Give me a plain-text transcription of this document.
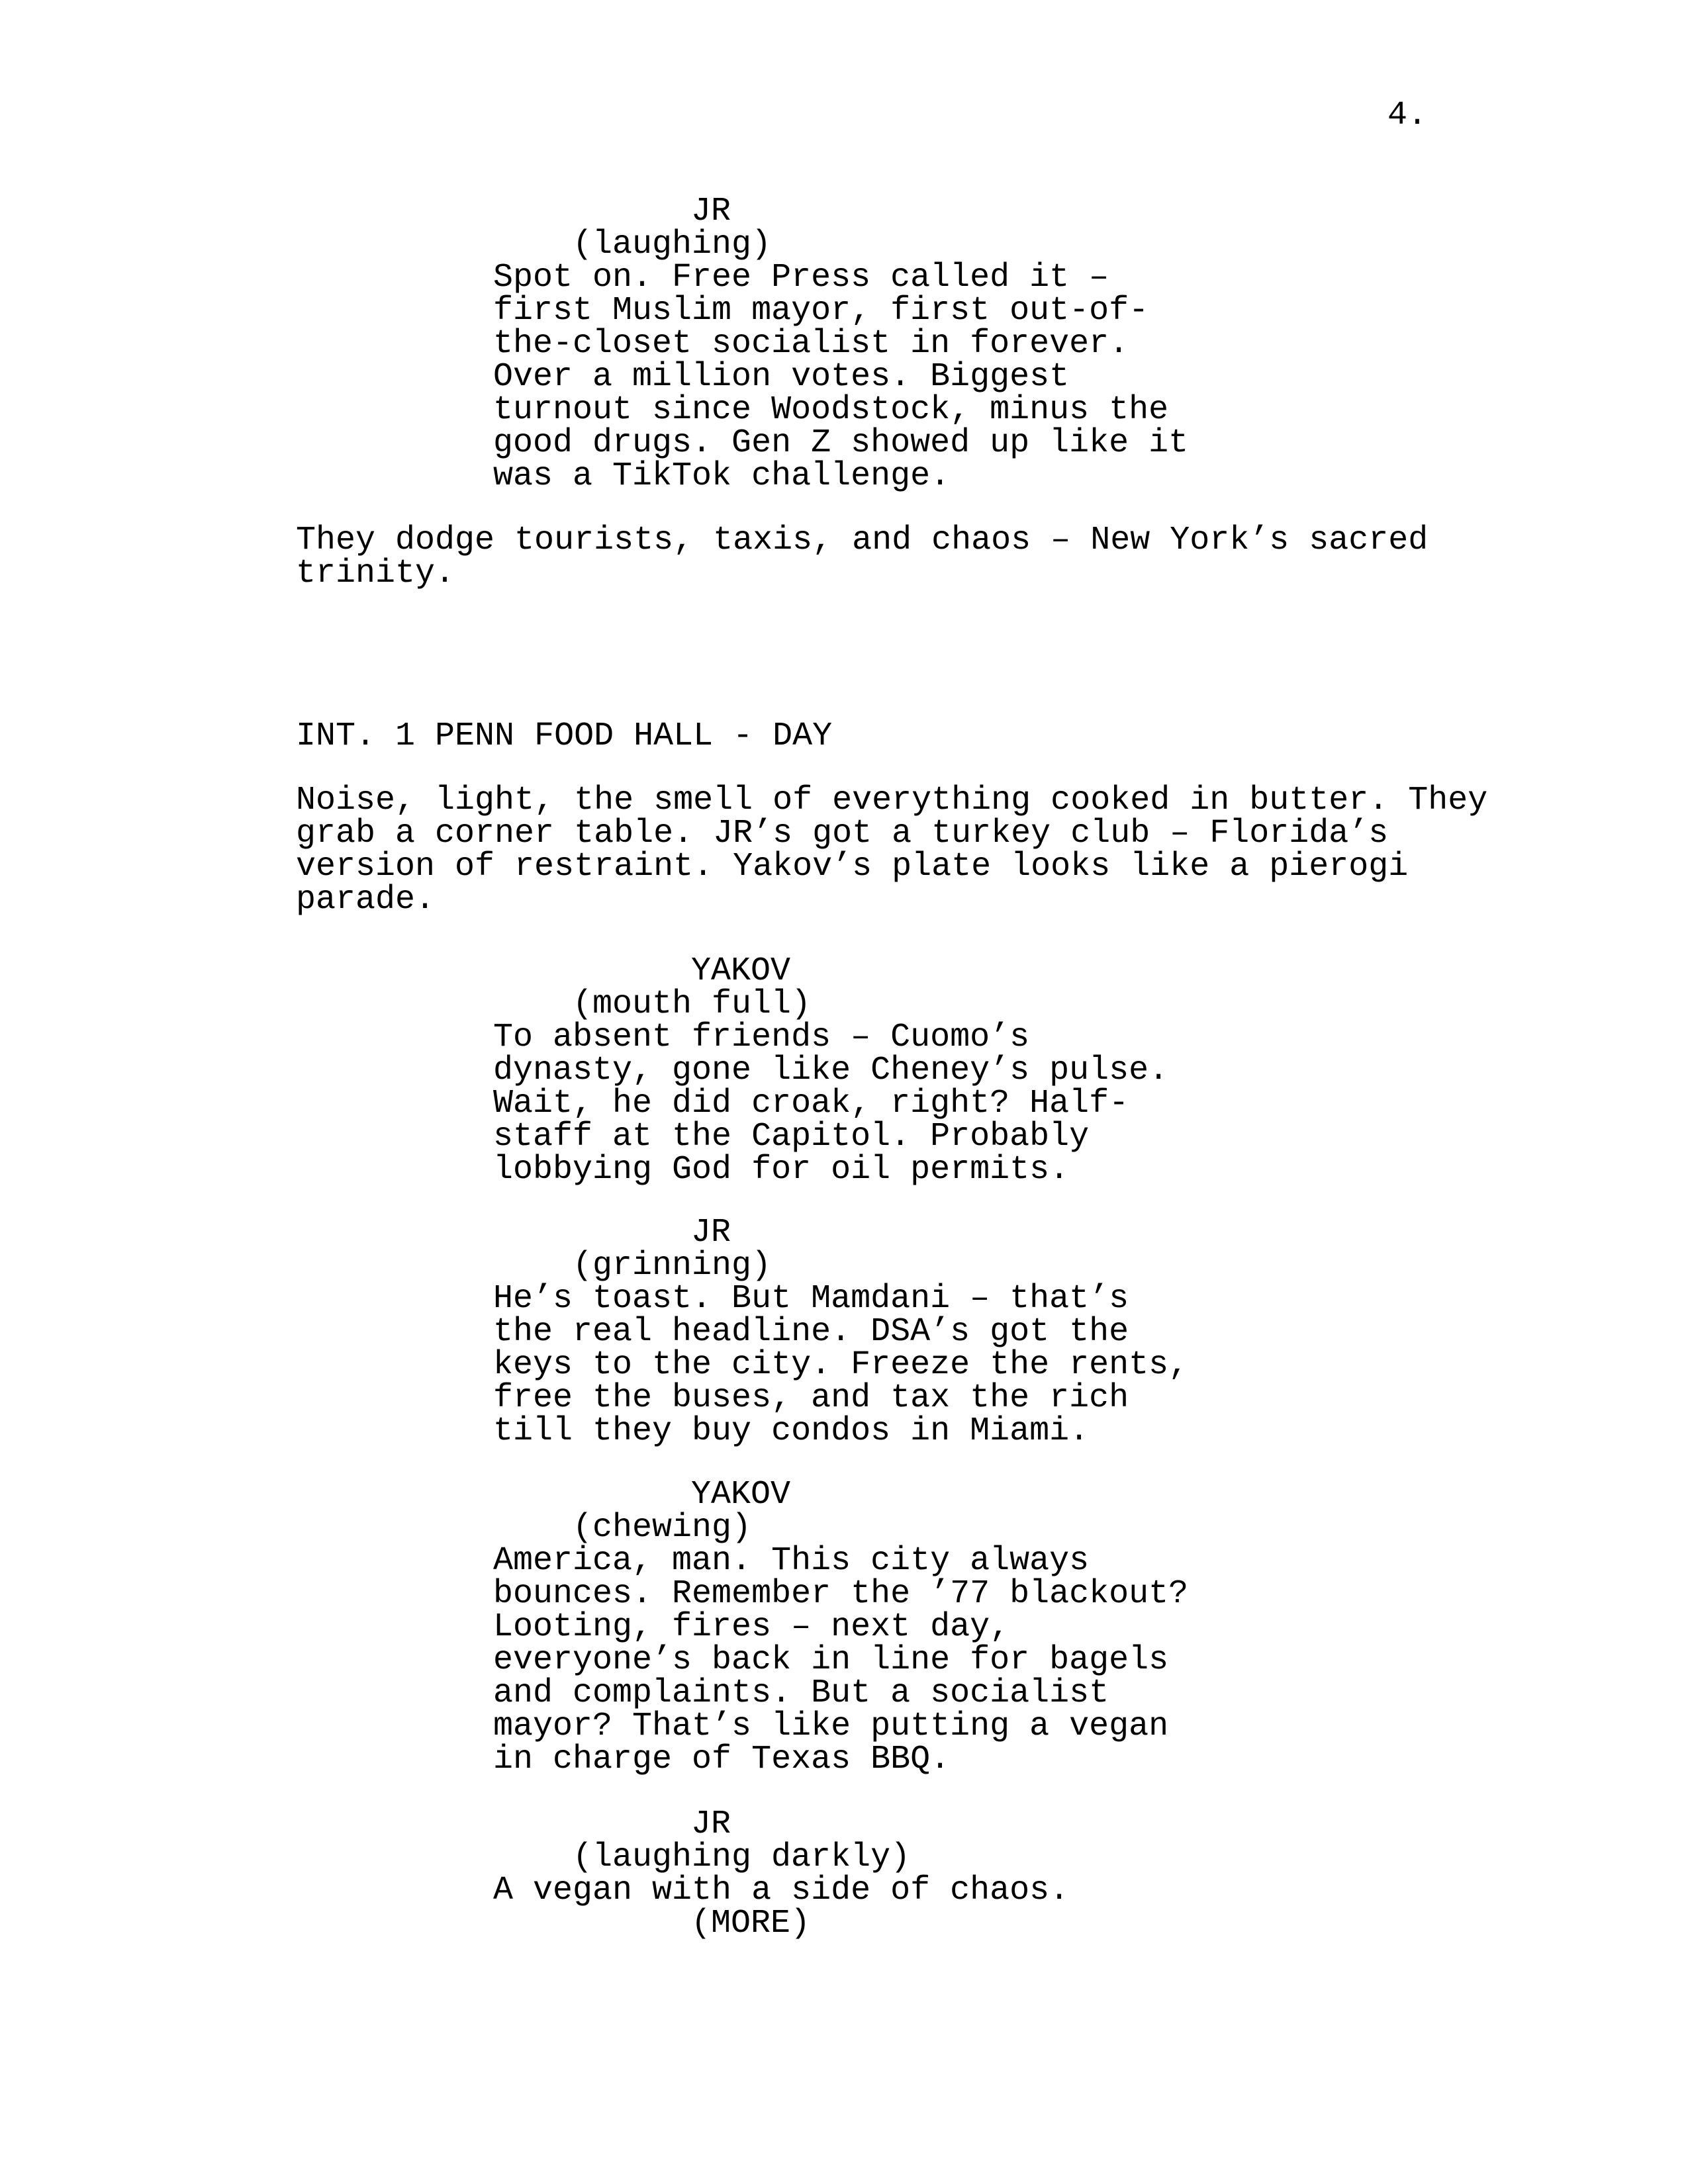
4.
JR
(laughing)
Spot on. Free Press called it –
first Muslim mayor, first out-of-
the-closet socialist in forever.
Over a million votes. Biggest
turnout since Woodstock, minus the
good drugs. Gen Z showed up like it
was a TikTok challenge.
They dodge tourists, taxis, and chaos – New York’s sacred
trinity.
INT. 1 PENN FOOD HALL - DAY
Noise, light, the smell of everything cooked in butter. They
grab a corner table. JR’s got a turkey club – Florida’s
version of restraint. Yakov’s plate looks like a pierogi
parade.
YAKOV
(mouth full)
To absent friends – Cuomo’s
dynasty, gone like Cheney’s pulse.
Wait, he did croak, right? Half-
staff at the Capitol. Probably
lobbying God for oil permits.
JR
(grinning)
He’s toast. But Mamdani – that’s
the real headline. DSA’s got the
keys to the city. Freeze the rents,
free the buses, and tax the rich
till they buy condos in Miami.
YAKOV
(chewing)
America, man. This city always
bounces. Remember the ’77 blackout?
Looting, fires – next day,
everyone’s back in line for bagels
and complaints. But a socialist
mayor? That’s like putting a vegan
in charge of Texas BBQ.
JR
(laughing darkly)
A vegan with a side of chaos.
(MORE)
